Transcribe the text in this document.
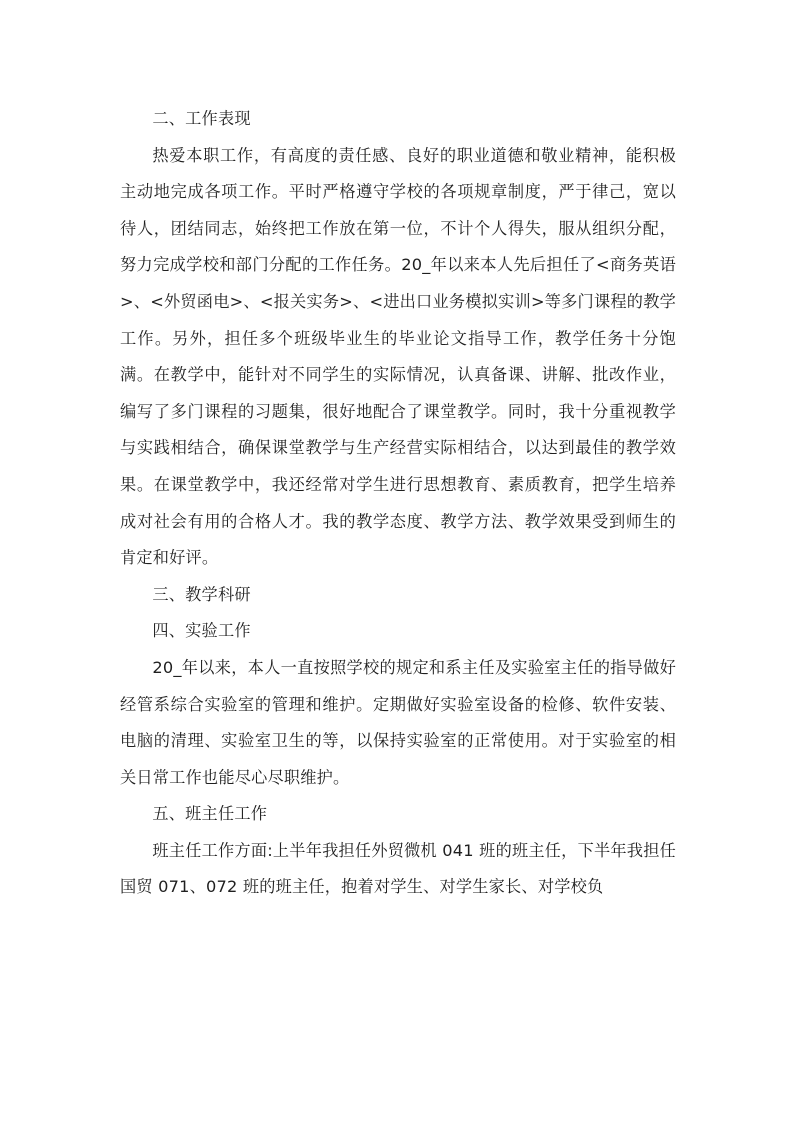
二、工作表现

热爱本职工作，有高度的责任感、良好的职业道德和敬业精神，能积极主动地完成各项工作。平时严格遵守学校的各项规章制度，严于律己，宽以待人，团结同志，始终把工作放在第一位，不计个人得失，服从组织分配，努力完成学校和部门分配的工作任务。20_年以来本人先后担任了<商务英语>、<外贸函电>、<报关实务>、<进出口业务模拟实训>等多门课程的教学工作。另外，担任多个班级毕业生的毕业论文指导工作，教学任务十分饱满。在教学中，能针对不同学生的实际情况，认真备课、讲解、批改作业，编写了多门课程的习题集，很好地配合了课堂教学。同时，我十分重视教学与实践相结合，确保课堂教学与生产经营实际相结合，以达到最佳的教学效果。在课堂教学中，我还经常对学生进行思想教育、素质教育，把学生培养成对社会有用的合格人才。我的教学态度、教学方法、教学效果受到师生的肯定和好评。

三、教学科研

四、实验工作

20_年以来，本人一直按照学校的规定和系主任及实验室主任的指导做好经管系综合实验室的管理和维护。定期做好实验室设备的检修、软件安装、电脑的清理、实验室卫生的等，以保持实验室的正常使用。对于实验室的相关日常工作也能尽心尽职维护。

五、班主任工作

班主任工作方面:上半年我担任外贸微机 041 班的班主任，下半年我担任国贸 071、072 班的班主任，抱着对学生、对学生家长、对学校负
